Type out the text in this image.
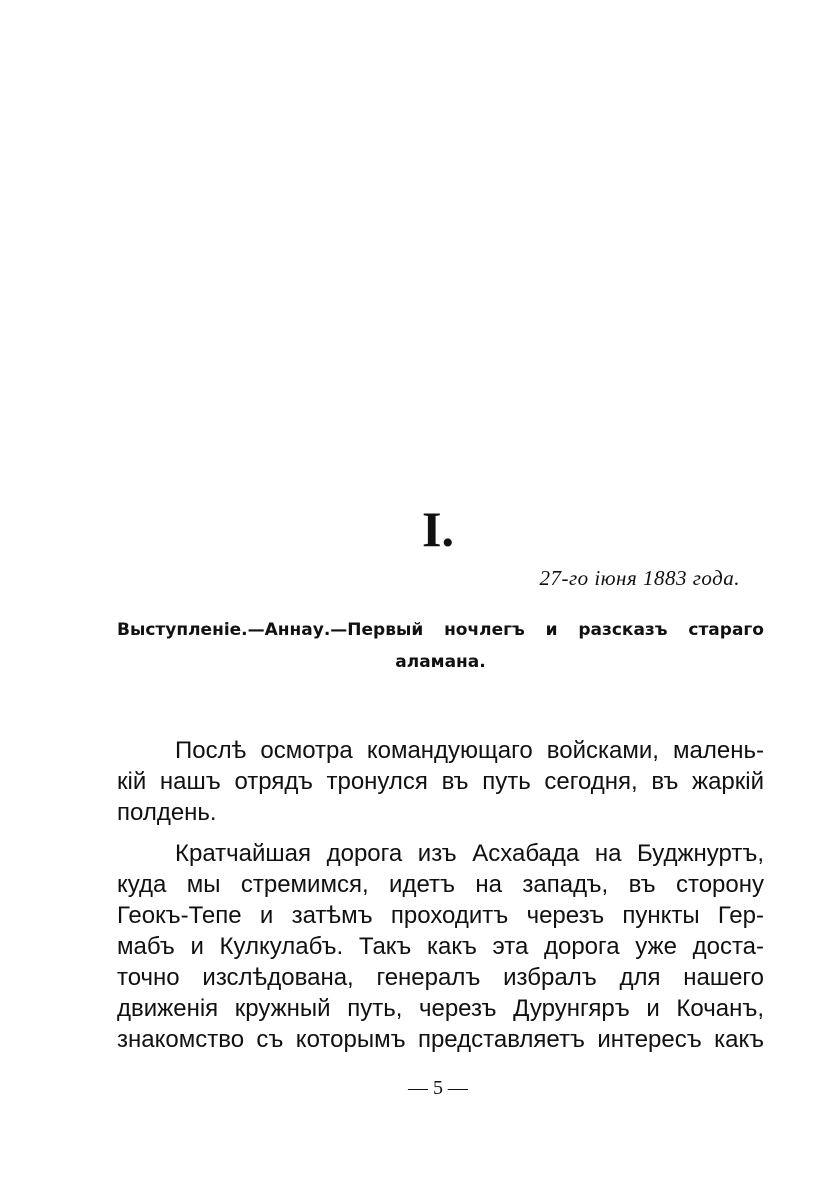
I.
27-го іюня 1883 года.
Выступленіе.—Аннау.—Первый ночлегъ и разсказъ стараго
аламана.
Послѣ осмотра командующаго войсками, малень-
кій нашъ отрядъ тронулся въ путь сегодня, въ жаркій
полдень.
Кратчайшая дорога изъ Асхабада на Буджнуртъ,
куда мы стремимся, идетъ на западъ, въ сторону
Геокъ-Тепе и затѣмъ проходитъ черезъ пункты Гер-
мабъ и Кулкулабъ. Такъ какъ эта дорога уже доста-
точно изслѣдована, генералъ избралъ для нашего
движенія кружный путь, черезъ Дурунгяръ и Кочанъ,
знакомство съ которымъ представляетъ интересъ какъ
— 5 —
